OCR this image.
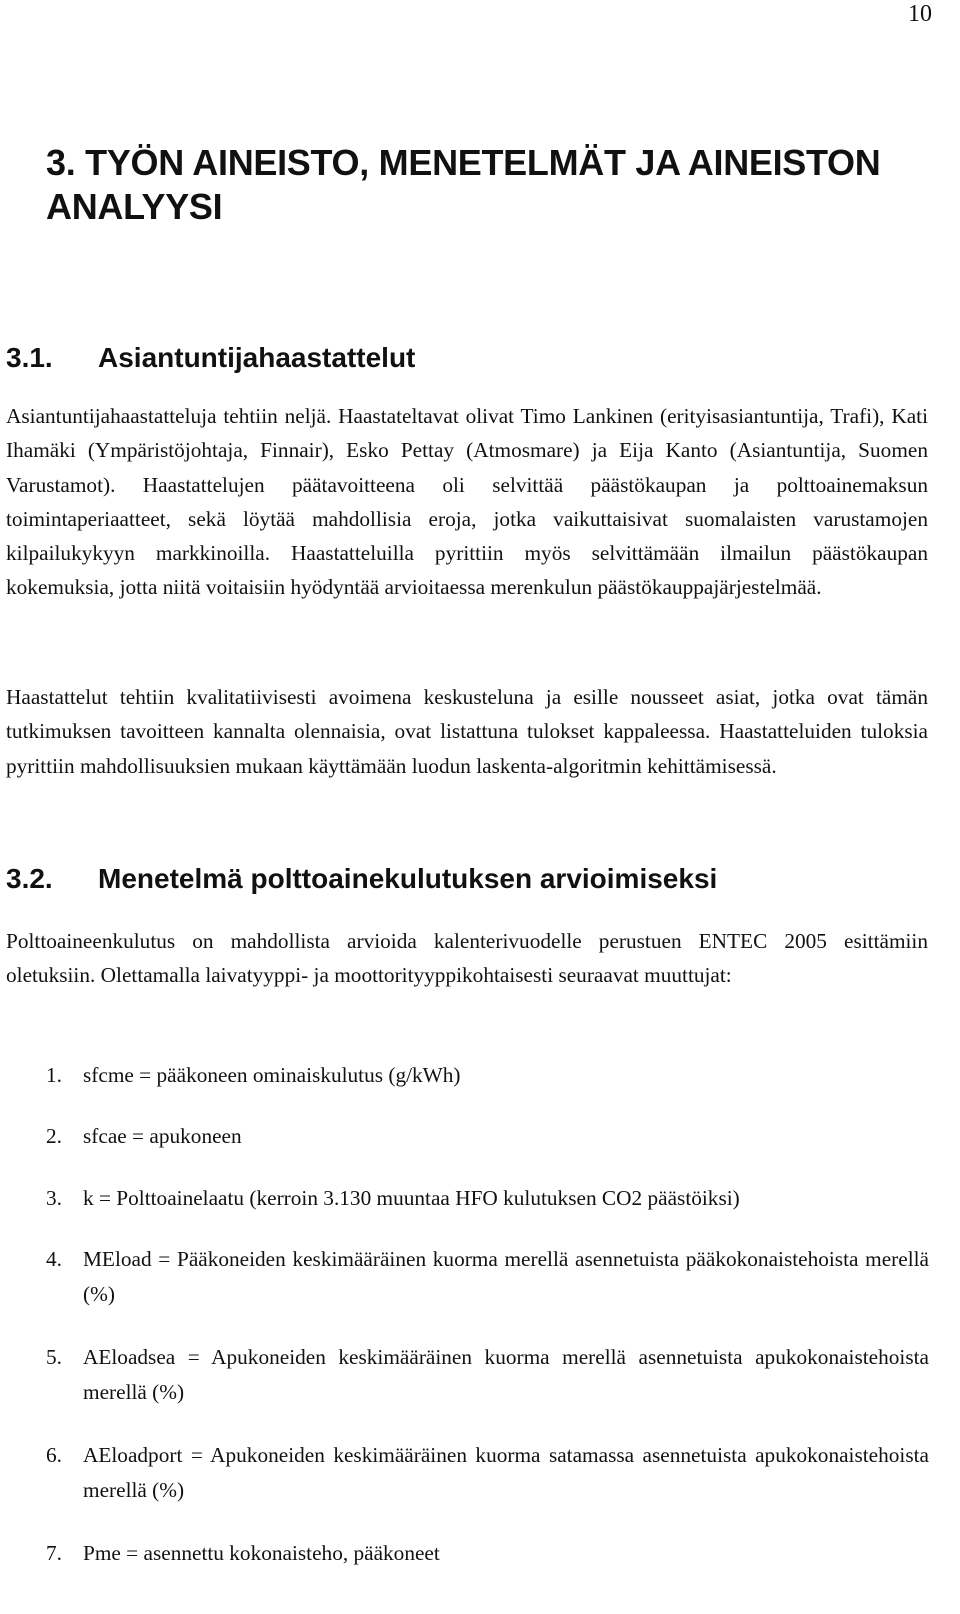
10
3. TYÖN AINEISTO, MENETELMÄT JA AINEISTON ANALYYSI
3.1.	Asiantuntijahaastattelut

Asiantuntijahaastatteluja tehtiin neljä. Haastateltavat olivat Timo Lankinen (erityisasiantuntija, Trafi), Kati Ihamäki (Ympäristöjohtaja, Finnair), Esko Pettay (Atmosmare) ja Eija Kanto (Asiantuntija, Suomen Varustamot). Haastattelujen päätavoitteena oli selvittää päästökaupan ja polttoainemaksun toimintaperiaatteet, sekä löytää mahdollisia eroja, jotka vaikuttaisivat suomalaisten varustamojen kilpailukykyyn markkinoilla. Haastatteluilla pyrittiin myös selvittämään ilmailun päästökaupan kokemuksia, jotta niitä voitaisiin hyödyntää arvioitaessa merenkulun päästökauppajärjestelmää.

Haastattelut tehtiin kvalitatiivisesti avoimena keskusteluna ja esille nousseet asiat, jotka ovat tämän tutkimuksen tavoitteen kannalta olennaisia, ovat listattuna tulokset kappaleessa. Haastatteluiden tuloksia pyrittiin mahdollisuuksien mukaan käyttämään luodun laskenta-algoritmin kehittämisessä.

3.2.	Menetelmä polttoainekulutuksen arvioimiseksi

Polttoaineenkulutus on mahdollista arvioida kalenterivuodelle perustuen ENTEC 2005 esittämiin oletuksiin. Olettamalla laivatyyppi- ja moottorityyppikohtaisesti seuraavat muuttujat:

1. sfcme = pääkoneen ominaiskulutus (g/kWh)
2. sfcae = apukoneen
3. k = Polttoainelaatu (kerroin 3.130 muuntaa HFO kulutuksen CO2 päästöiksi)
4. MEload = Pääkoneiden keskimääräinen kuorma merellä asennetuista pääkokonaistehoista merellä (%)
5. AEloadsea = Apukoneiden keskimääräinen kuorma merellä asennetuista apukokonaistehoista merellä (%)
6. AEloadport = Apukoneiden keskimääräinen kuorma satamassa asennetuista apukokonaistehoista merellä (%)
7. Pme = asennettu kokonaisteho, pääkoneet
